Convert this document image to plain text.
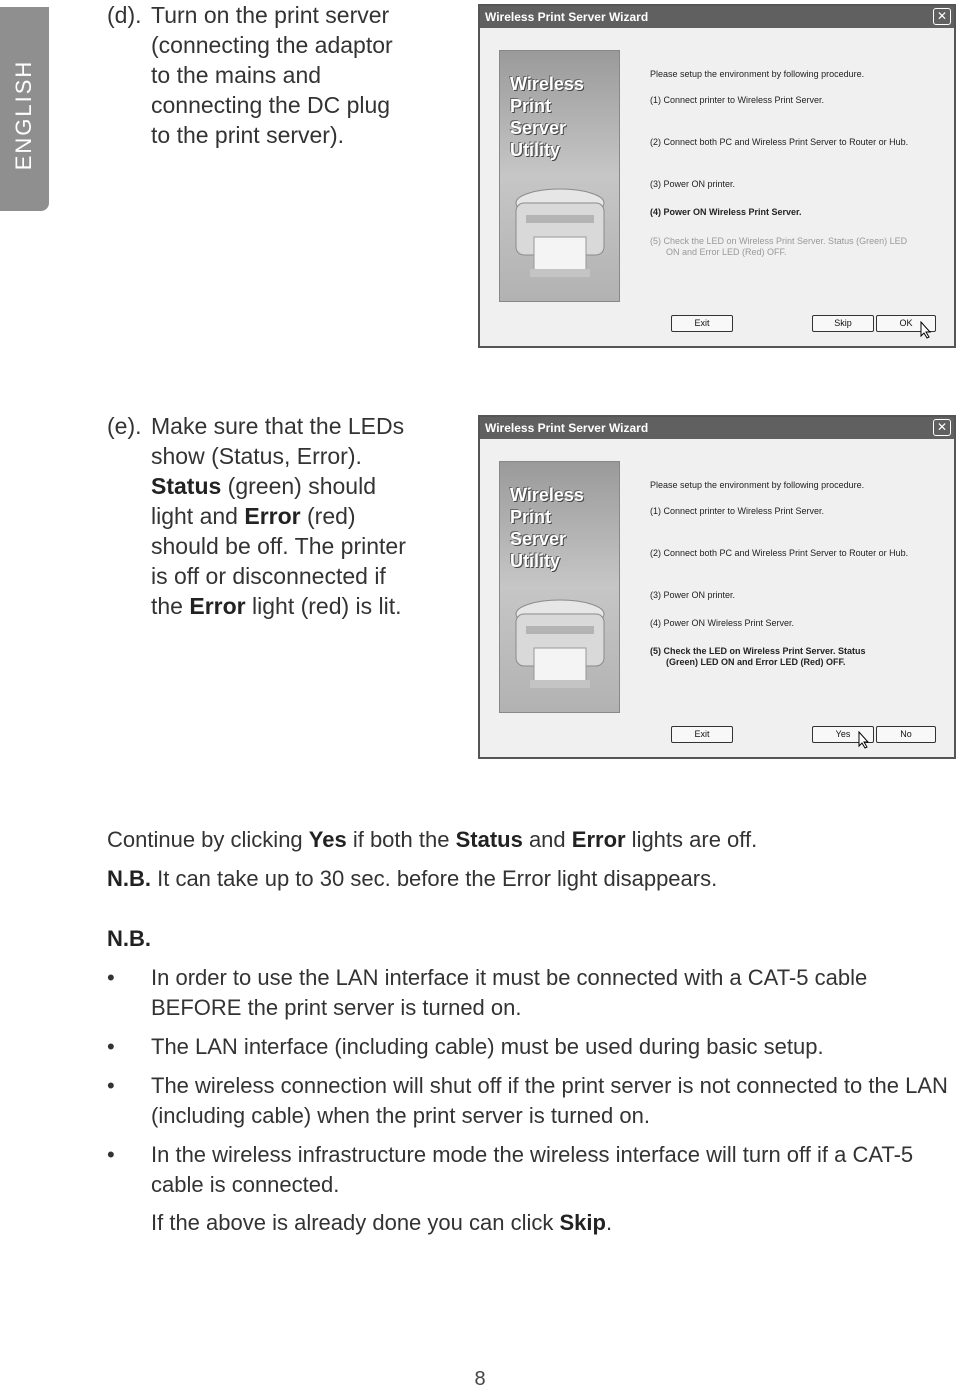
ENGLISH
(d). Turn on the print server
(connecting the adaptor
to the mains and
connecting the DC plug
to the print server).
Wireless Print Server Wizard	✕
Wireless
Print
Server
Utility

Please setup the environment by following procedure.

(1) Connect printer to Wireless Print Server.

(2) Connect both PC and Wireless Print Server to Router or Hub.

(3) Power ON printer.

(4) Power ON Wireless Print Server.

(5) Check the LED on Wireless Print Server. Status (Green) LED

ON and Error LED (Red) OFF.

Exit	Skip	OK
(e). Make sure that the LEDs
show (Status, Error).
Status (green) should
light and Error (red)
should be off. The printer
is off or disconnected if
the Error light (red) is lit.
Wireless Print Server Wizard	✕
Wireless
Print
Server
Utility

Please setup the environment by following procedure.

(1) Connect printer to Wireless Print Server.

(2) Connect both PC and Wireless Print Server to Router or Hub.

(3) Power ON printer.

(4) Power ON Wireless Print Server.

(5) Check the LED on Wireless Print Server. Status

(Green) LED ON and Error LED (Red) OFF.

Exit	Yes	No
Continue by clicking Yes if both the Status and Error lights are off.
N.B. It can take up to 30 sec. before the Error light disappears.
N.B.
• In order to use the LAN interface it must be connected with a CAT-5 cable BEFORE the print server is turned on.
• The LAN interface (including cable) must be used during basic setup.
• The wireless connection will shut off if the print server is not connected to the LAN (including cable) when the print server is turned on.
• In the wireless infrastructure mode the wireless interface will turn off if a CAT-5 cable is connected.
If the above is already done you can click Skip.
8
